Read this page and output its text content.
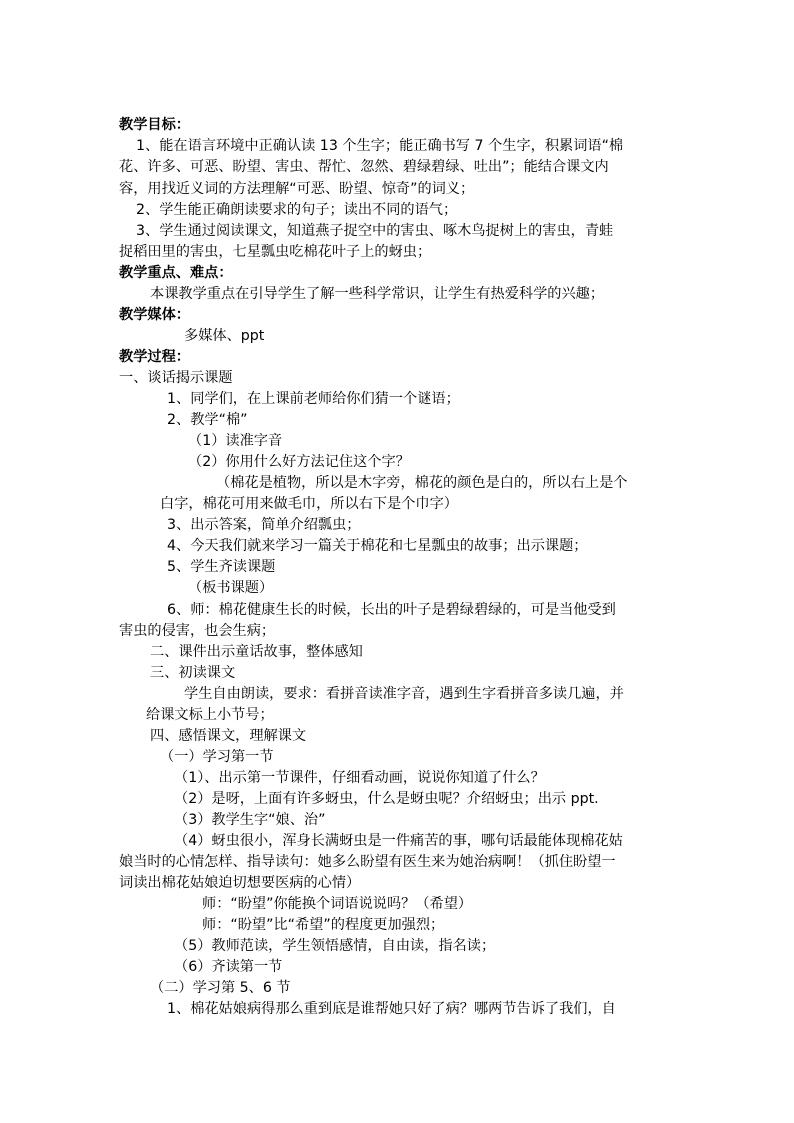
教学目标：
1、能在语言环境中正确认读 13 个生字；能正确书写 7 个生字，积累词语“棉
花、许多、可恶、盼望、害虫、帮忙、忽然、碧绿碧绿、吐出”；能结合课文内
容，用找近义词的方法理解“可恶、盼望、惊奇”的词义；
2、学生能正确朗读要求的句子；读出不同的语气；
3、学生通过阅读课文，知道燕子捉空中的害虫、啄木鸟捉树上的害虫，青蛙
捉稻田里的害虫，七星瓢虫吃棉花叶子上的蚜虫；
教学重点、难点：
本课教学重点在引导学生了解一些科学常识，让学生有热爱科学的兴趣；
教学媒体：
多媒体、ppt
教学过程：
一、谈话揭示课题
1、同学们，在上课前老师给你们猜一个谜语；
2、教学“棉”
（1）读准字音
（2）你用什么好方法记住这个字？
（棉花是植物，所以是木字旁，棉花的颜色是白的，所以右上是个
白字，棉花可用来做毛巾，所以右下是个巾字）
3、出示答案，简单介绍瓢虫；
4、今天我们就来学习一篇关于棉花和七星瓢虫的故事；出示课题；
5、学生齐读课题
（板书课题）
6、师：棉花健康生长的时候，长出的叶子是碧绿碧绿的，可是当他受到
害虫的侵害，也会生病；
二、课件出示童话故事，整体感知
三、初读课文
学生自由朗读，要求：看拼音读准字音，遇到生字看拼音多读几遍，并
给课文标上小节号；
四、感悟课文，理解课文
（一）学习第一节
（1）、出示第一节课件，仔细看动画，说说你知道了什么？
（2）是呀，上面有许多蚜虫，什么是蚜虫呢？介绍蚜虫；出示 ppt.
（3）教学生字“娘、治”
（4）蚜虫很小，浑身长满蚜虫是一件痛苦的事，哪句话最能体现棉花姑
娘当时的心情怎样、指导读句：她多么盼望有医生来为她治病啊！（抓住盼望一
词读出棉花姑娘迫切想要医病的心情）
师：“盼望”你能换个词语说说吗？（希望）
师：“盼望”比“希望”的程度更加强烈；
（5）教师范读，学生领悟感情，自由读，指名读；
（6）齐读第一节
（二）学习第 5、6 节
1、棉花姑娘病得那么重到底是谁帮她只好了病？哪两节告诉了我们，自
